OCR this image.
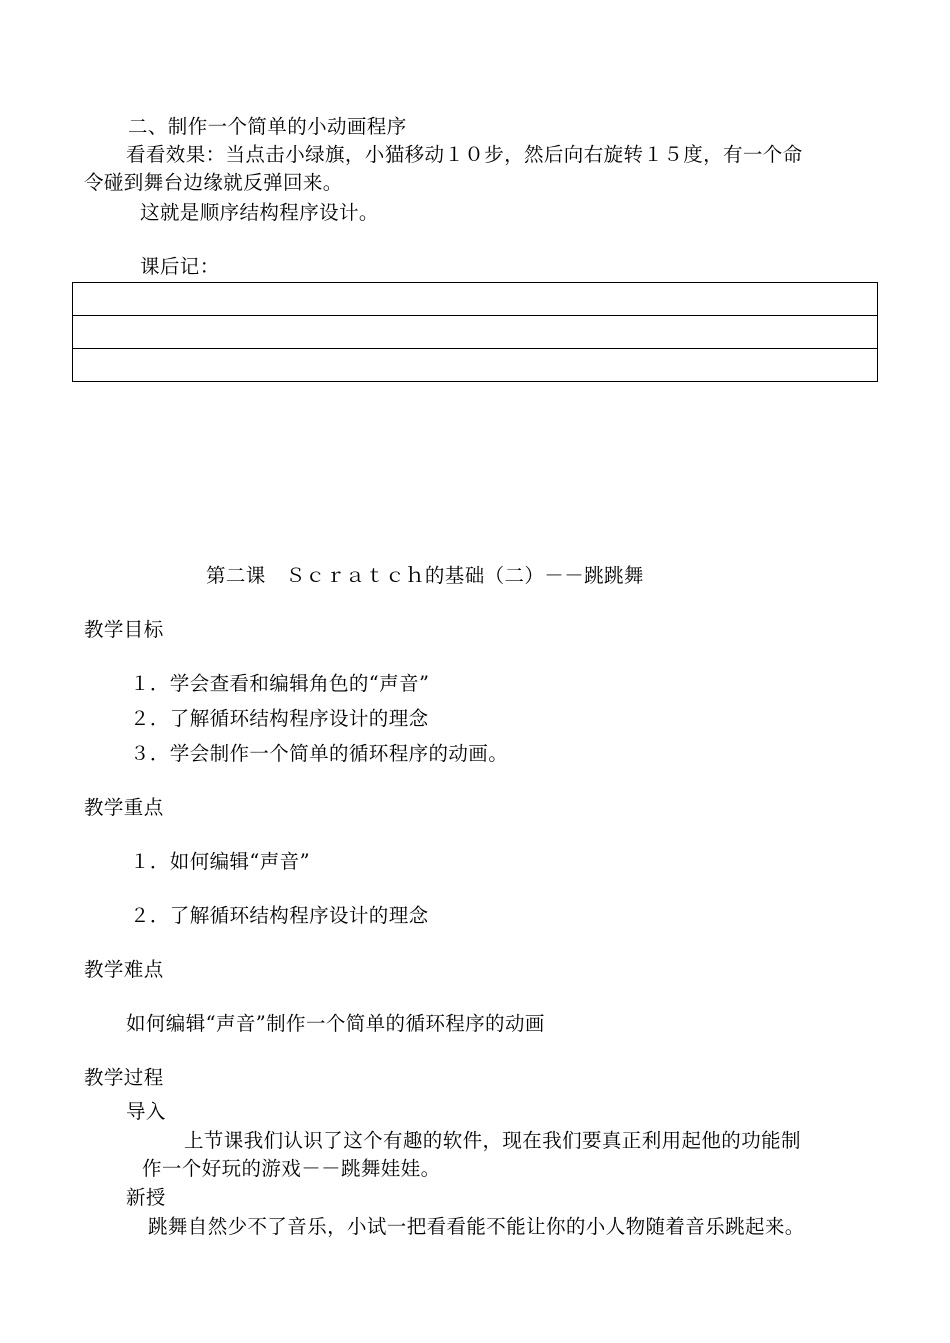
二、制作一个简单的小动画程序
看看效果：当点击小绿旗，小猫移动１０步，然后向右旋转１５度，有一个命
令碰到舞台边缘就反弹回来。
这就是顺序结构程序设计。
课后记：

第二课　Ｓｃｒａｔｃｈ的基础（二）－－跳跳舞
教学目标
１．学会查看和编辑角色的“声音”
２．了解循环结构程序设计的理念
３．学会制作一个简单的循环程序的动画。
教学重点
１．如何编辑“声音”
２．了解循环结构程序设计的理念
教学难点
如何编辑“声音”制作一个简单的循环程序的动画
教学过程
导入
上节课我们认识了这个有趣的软件，现在我们要真正利用起他的功能制
作一个好玩的游戏－－跳舞娃娃。
新授
跳舞自然少不了音乐，小试一把看看能不能让你的小人物随着音乐跳起来。
